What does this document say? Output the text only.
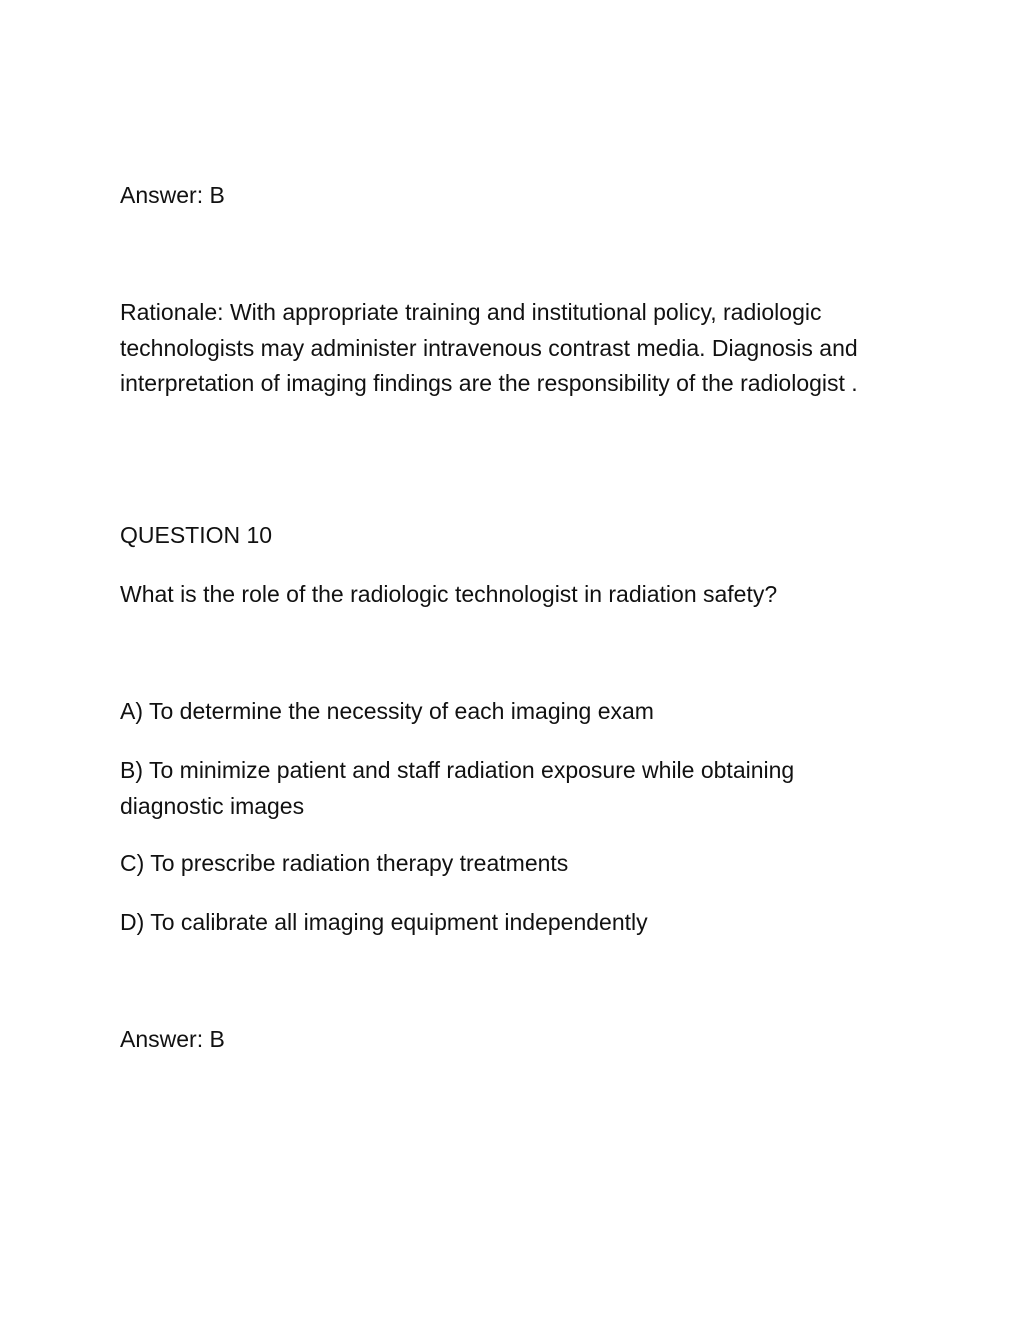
Answer: B

Rationale: With appropriate training and institutional policy, radiologic technologists may administer intravenous contrast media. Diagnosis and interpretation of imaging findings are the responsibility of the radiologist .

QUESTION 10

What is the role of the radiologic technologist in radiation safety?

A) To determine the necessity of each imaging exam

B) To minimize patient and staff radiation exposure while obtaining diagnostic images

C) To prescribe radiation therapy treatments

D) To calibrate all imaging equipment independently

Answer: B
